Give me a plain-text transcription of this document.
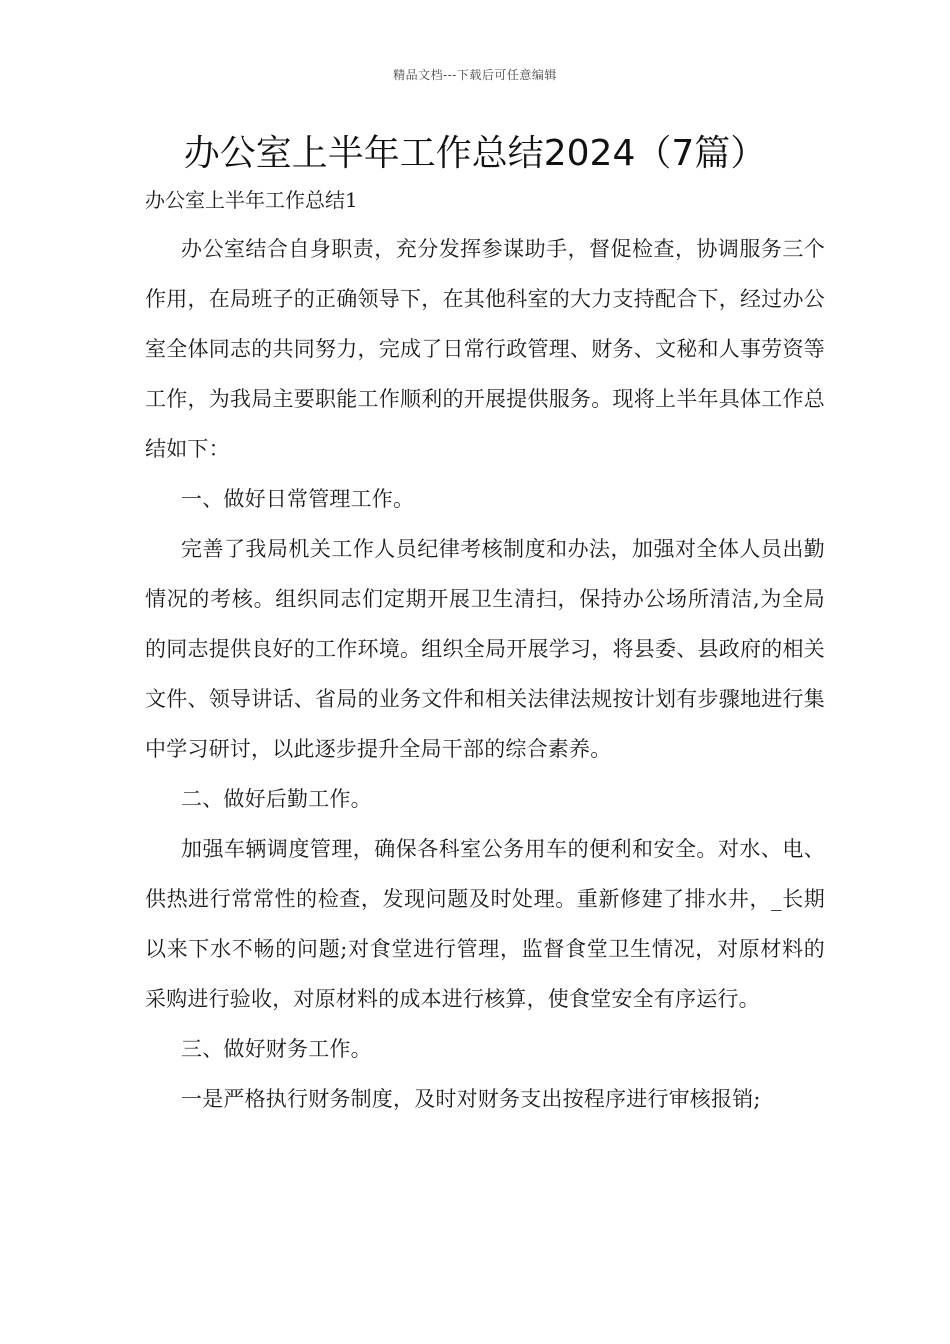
精品文档---下载后可任意编辑
办公室上半年工作总结2024（7篇）
办公室上半年工作总结1

办公室结合自身职责，充分发挥参谋助手，督促检查，协调服务三个作用，在局班子的正确领导下，在其他科室的大力支持配合下，经过办公室全体同志的共同努力，完成了日常行政管理、财务、文秘和人事劳资等工作，为我局主要职能工作顺利的开展提供服务。现将上半年具体工作总结如下：

一、做好日常管理工作。

完善了我局机关工作人员纪律考核制度和办法，加强对全体人员出勤情况的考核。组织同志们定期开展卫生清扫，保持办公场所清洁,为全局的同志提供良好的工作环境。组织全局开展学习，将县委、县政府的相关文件、领导讲话、省局的业务文件和相关法律法规按计划有步骤地进行集中学习研讨，以此逐步提升全局干部的综合素养。

二、做好后勤工作。

加强车辆调度管理，确保各科室公务用车的便利和安全。对水、电、供热进行常常性的检查，发现问题及时处理。重新修建了排水井，_长期以来下水不畅的问题;对食堂进行管理，监督食堂卫生情况，对原材料的采购进行验收，对原材料的成本进行核算，使食堂安全有序运行。

三、做好财务工作。

一是严格执行财务制度，及时对财务支出按程序进行审核报销;
